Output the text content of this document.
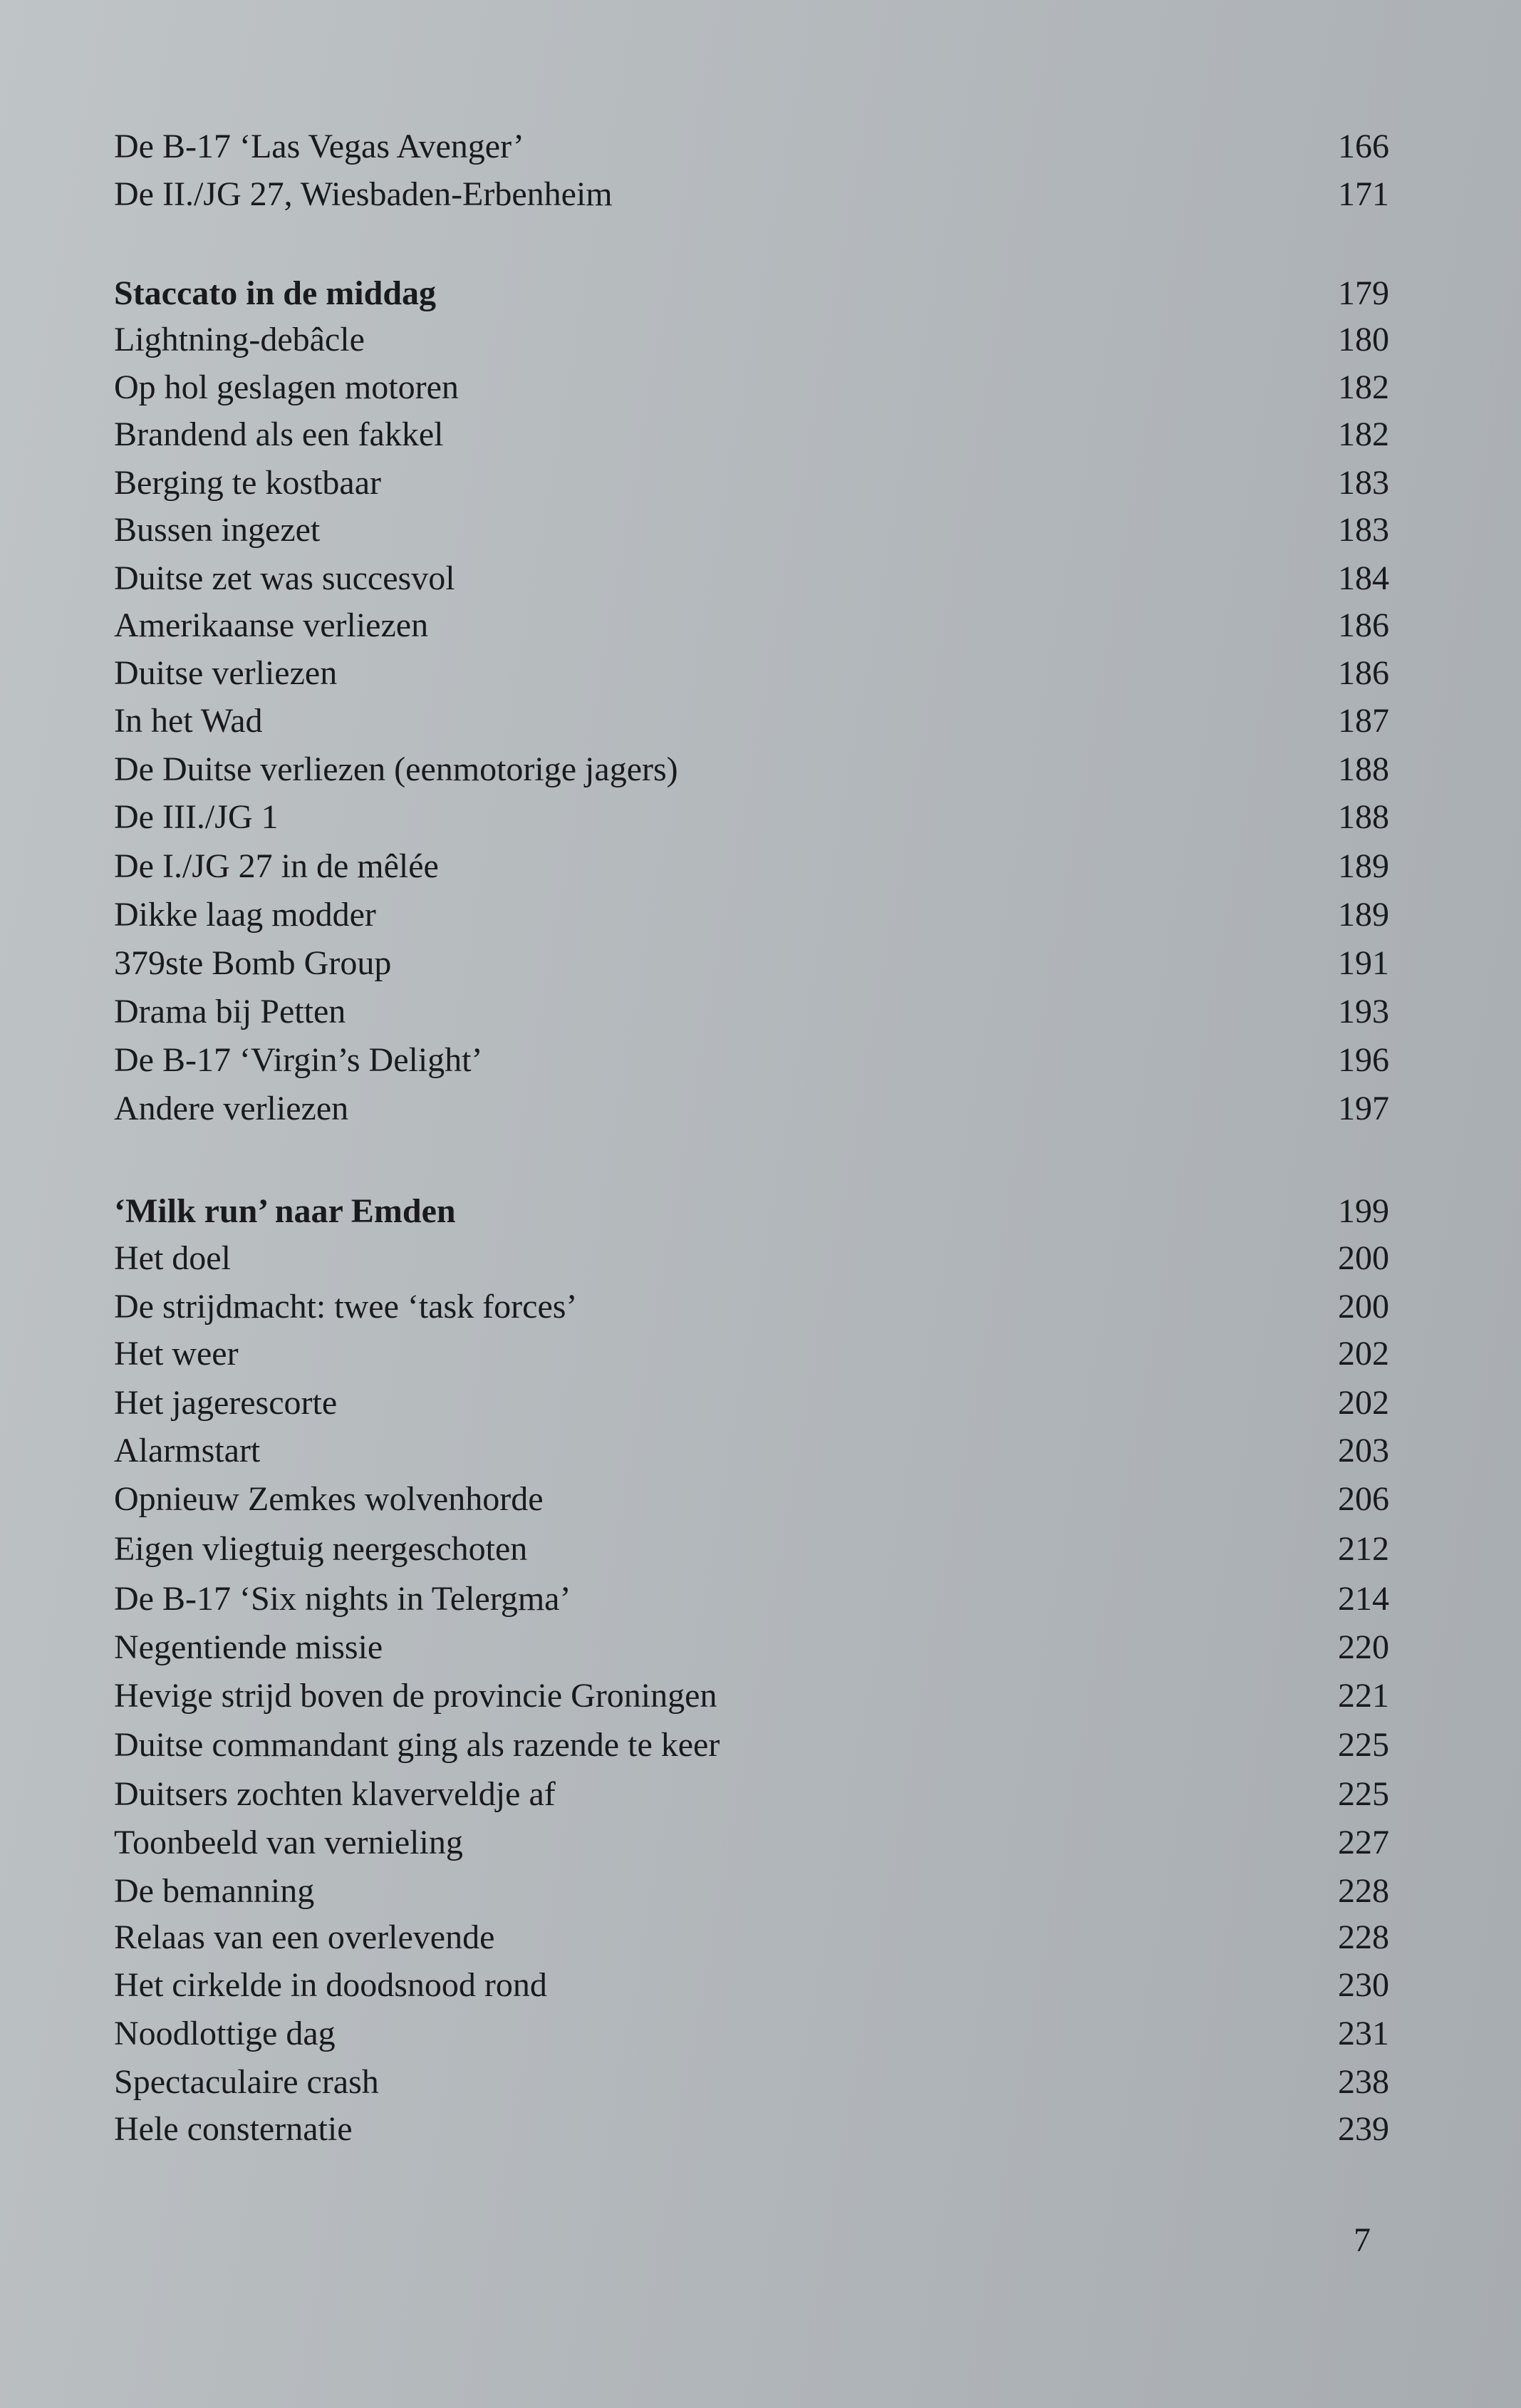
De B-17 ‘Las Vegas Avenger’	166
De II./JG 27, Wiesbaden-Erbenheim	171
Staccato in de middag	179
Lightning-debâcle	180
Op hol geslagen motoren	182
Brandend als een fakkel	182
Berging te kostbaar	183
Bussen ingezet	183
Duitse zet was succesvol	184
Amerikaanse verliezen	186
Duitse verliezen	186
In het Wad	187
De Duitse verliezen (eenmotorige jagers)	188
De III./JG 1	188
De I./JG 27 in de mêlée	189
Dikke laag modder	189
379ste Bomb Group	191
Drama bij Petten	193
De B-17 ‘Virgin’s Delight’	196
Andere verliezen	197
‘Milk run’ naar Emden	199
Het doel	200
De strijdmacht: twee ‘task forces’	200
Het weer	202
Het jagerescorte	202
Alarmstart	203
Opnieuw Zemkes wolvenhorde	206
Eigen vliegtuig neergeschoten	212
De B-17 ‘Six nights in Telergma’	214
Negentiende missie	220
Hevige strijd boven de provincie Groningen	221
Duitse commandant ging als razende te keer	225
Duitsers zochten klaverveldje af	225
Toonbeeld van vernieling	227
De bemanning	228
Relaas van een overlevende	228
Het cirkelde in doodsnood rond	230
Noodlottige dag	231
Spectaculaire crash	238
Hele consternatie	239
7
